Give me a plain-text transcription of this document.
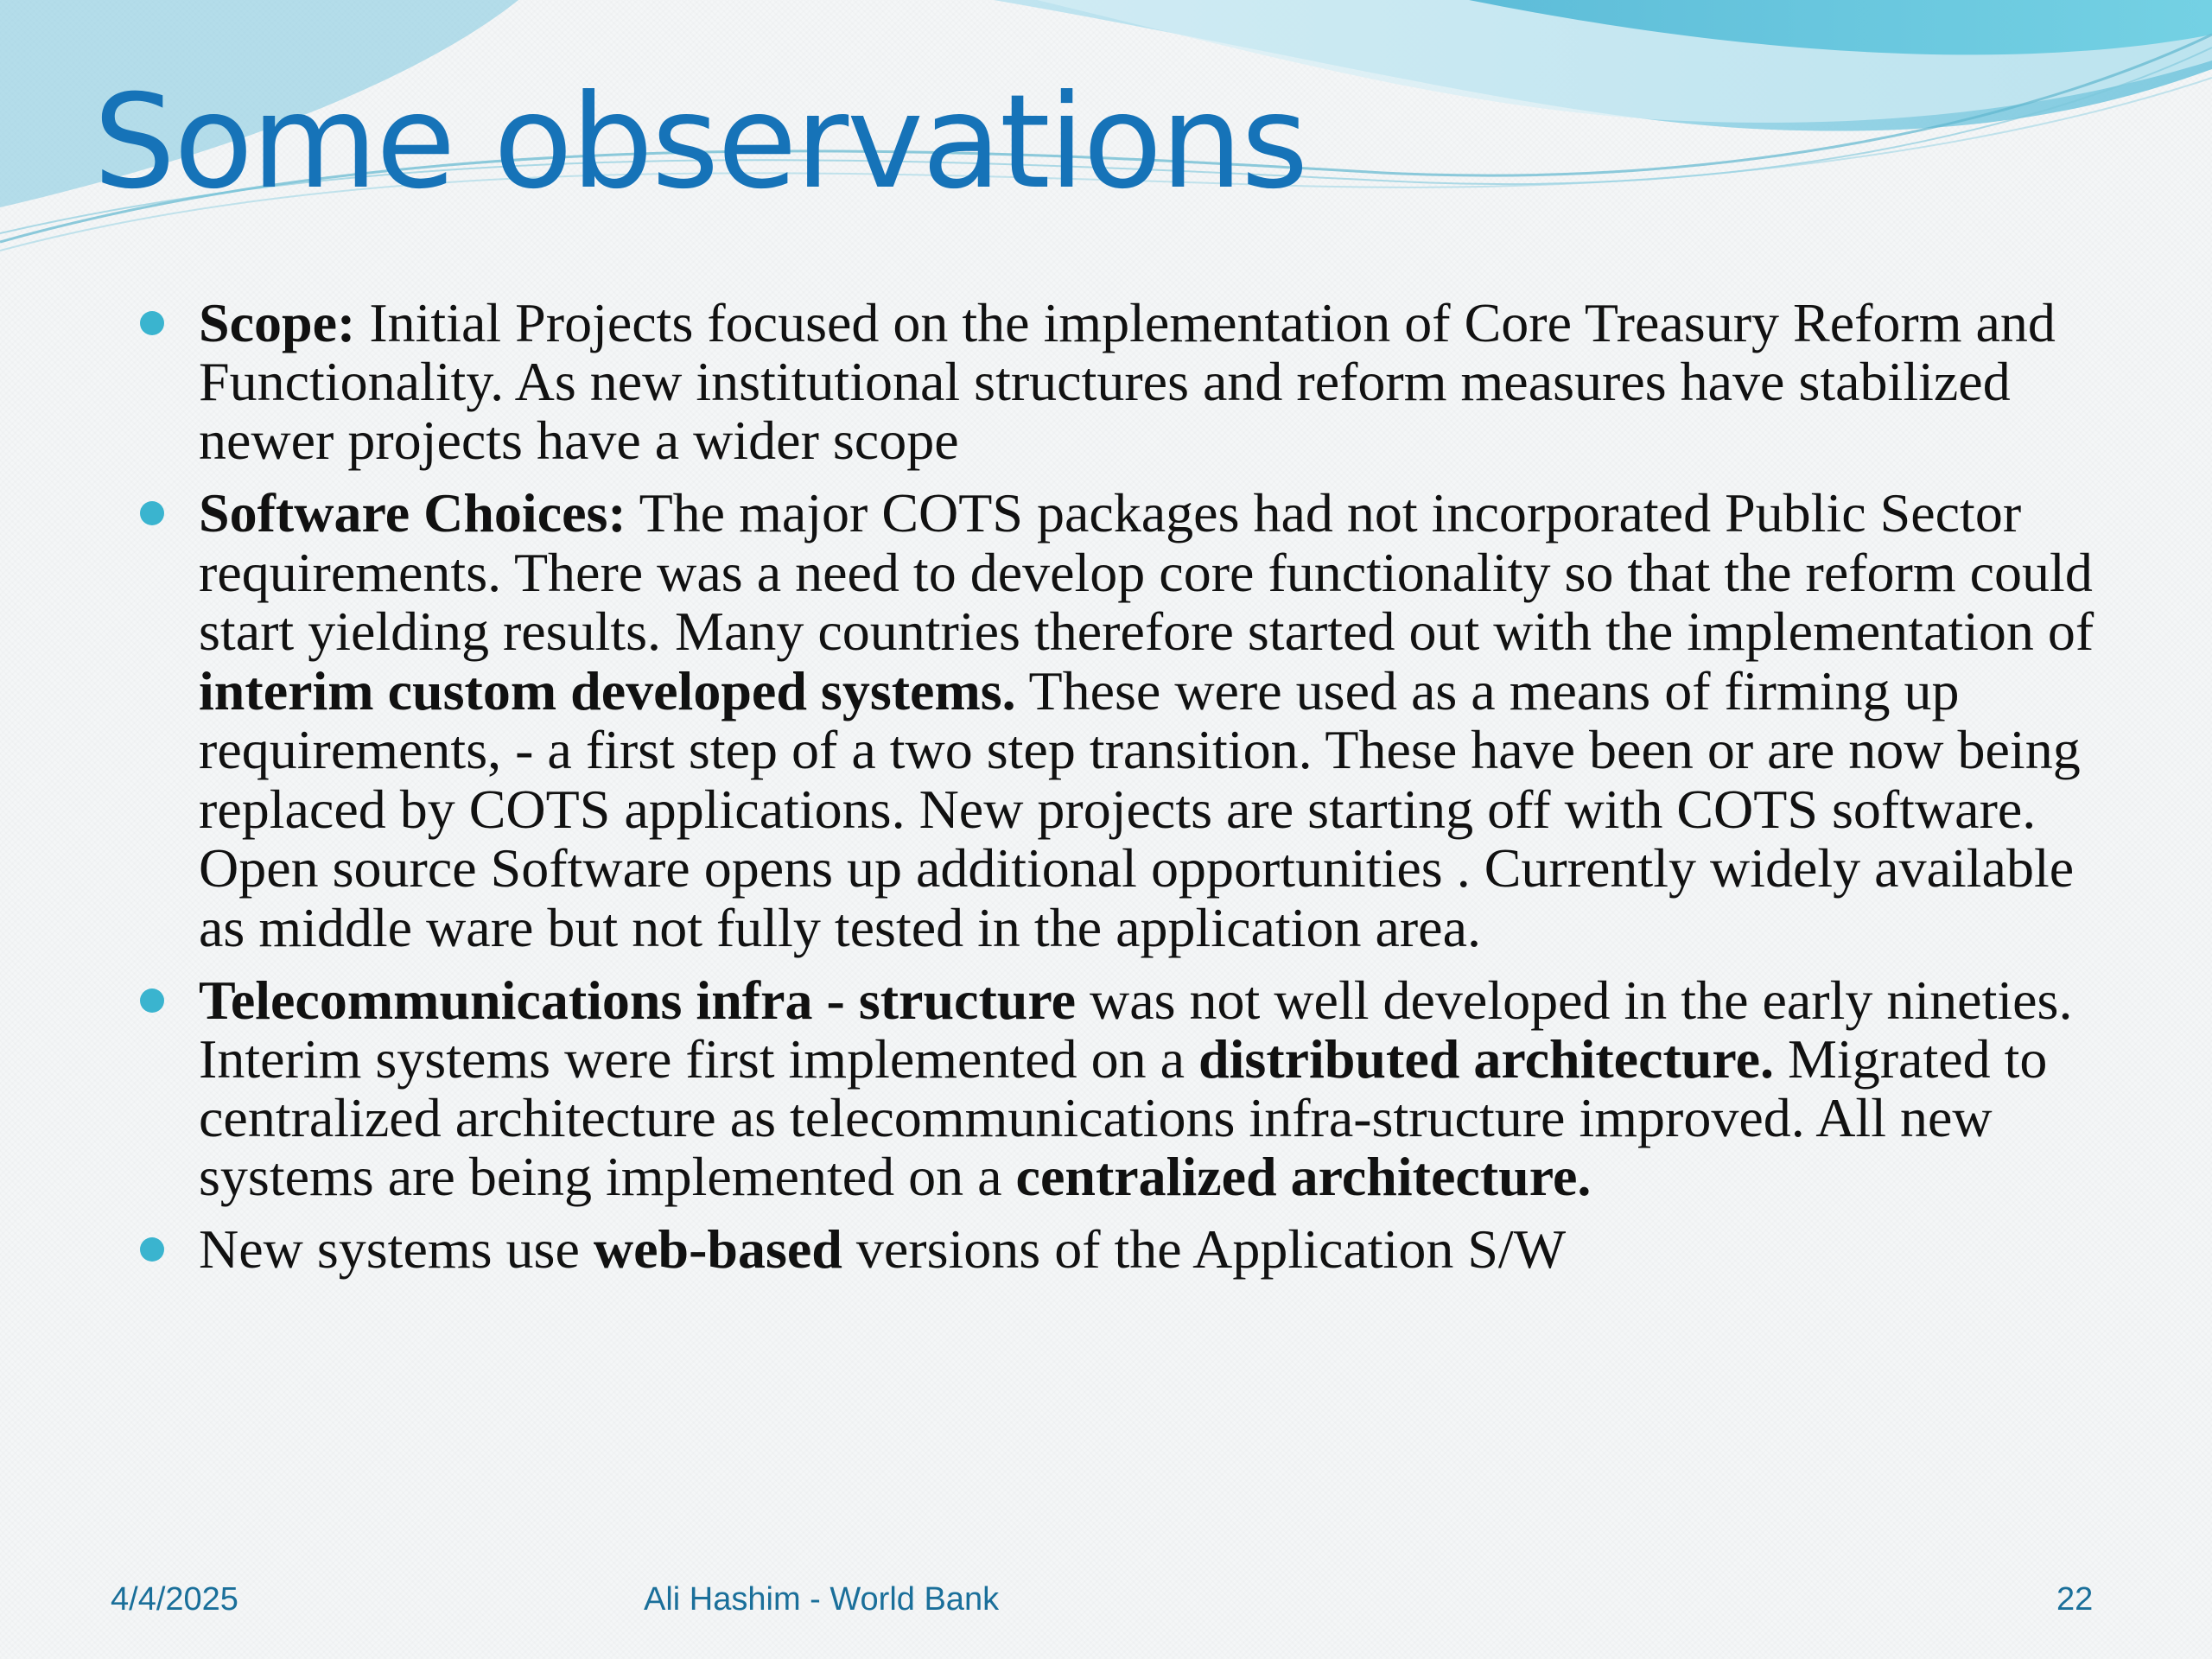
Some observations
Scope: Initial Projects focused on the implementation of Core Treasury Reform and Functionality. As new institutional structures and reform measures have stabilized newer projects have a wider scope
Software Choices: The major COTS packages had not incorporated Public Sector requirements. There was a need to develop core functionality so that the reform could start yielding results. Many countries therefore started out with the implementation of interim custom developed systems. These were used as a means of firming up requirements, - a first step of a two step transition. These have been or are now being replaced by COTS applications. New projects are starting off with COTS software. Open source Software opens up additional opportunities . Currently widely available as middle ware but not fully tested in the application area.
Telecommunications infra - structure was not well developed in the early nineties. Interim systems were first implemented on a distributed architecture. Migrated to centralized architecture as telecommunications infra-structure improved. All new systems are being implemented on a centralized architecture.
New systems use web-based versions of the Application S/W
4/4/2025	Ali Hashim - World Bank	22
